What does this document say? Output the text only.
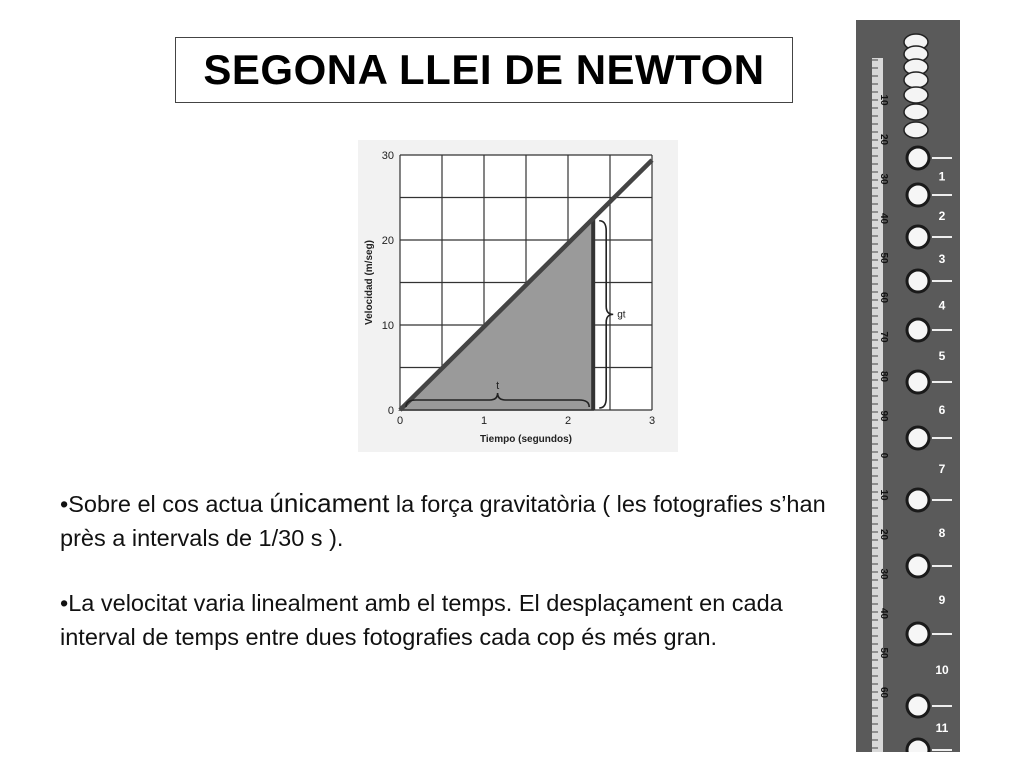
SEGONA LLEI DE NEWTON
t
gt
0	1	2	3
0
10
20
30
Tiempo (segundos)
Velocidad (m/seg)

•Sobre el cos actua únicament la força gravitatòria ( les fotografies s’han près a intervals de 1/30 s ).

•La velocitat varia linealment amb el temps. El desplaçament en cada interval de temps entre dues fotografies cada cop és més gran.

10
20
30
40
50
60
70
80
90
0
10
20
30
40
50
60
1
2
3
4
5
6
7
8
9
10
11
